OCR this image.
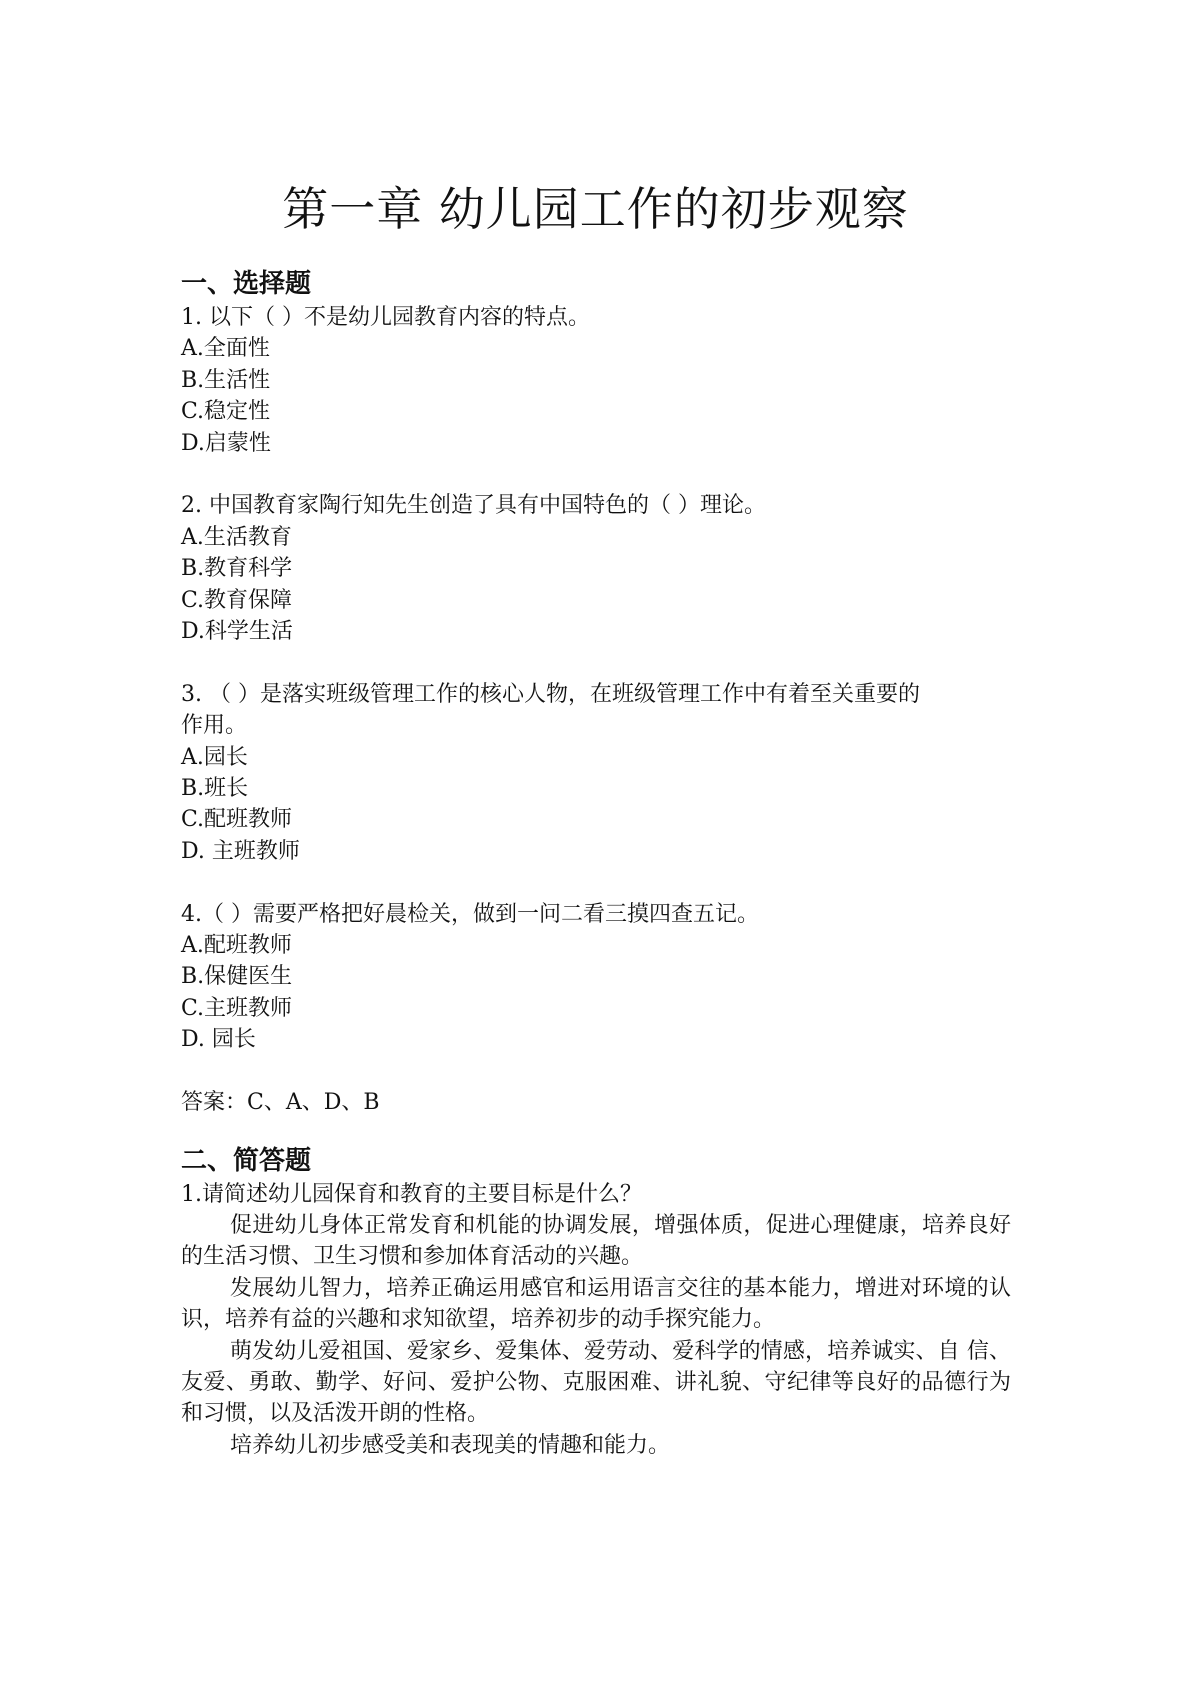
第一章 幼儿园工作的初步观察
一、选择题
1. 以下（ ）不是幼儿园教育内容的特点。
A.全面性
B.生活性
C.稳定性
D.启蒙性
2. 中国教育家陶行知先生创造了具有中国特色的（ ）理论。
A.生活教育
B.教育科学
C.教育保障
D.科学生活
3. （ ）是落实班级管理工作的核心人物，在班级管理工作中有着至关重要的
作用。
A.园长
B.班长
C.配班教师
D. 主班教师
4.（ ）需要严格把好晨检关，做到一问二看三摸四查五记。
A.配班教师
B.保健医生
C.主班教师
D. 园长
答案：C、A、D、B
二、简答题
1.请简述幼儿园保育和教育的主要目标是什么？

促进幼儿身体正常发育和机能的协调发展，增强体质，促进心理健康，培养良好的生活习惯、卫生习惯和参加体育活动的兴趣。

发展幼儿智力，培养正确运用感官和运用语言交往的基本能力，增进对环境的认识，培养有益的兴趣和求知欲望，培养初步的动手探究能力。

萌发幼儿爱祖国、爱家乡、爱集体、爱劳动、爱科学的情感，培养诚实、自 信、友爱、勇敢、勤学、好问、爱护公物、克服困难、讲礼貌、守纪律等良好的品德行为和习惯，以及活泼开朗的性格。

培养幼儿初步感受美和表现美的情趣和能力。
